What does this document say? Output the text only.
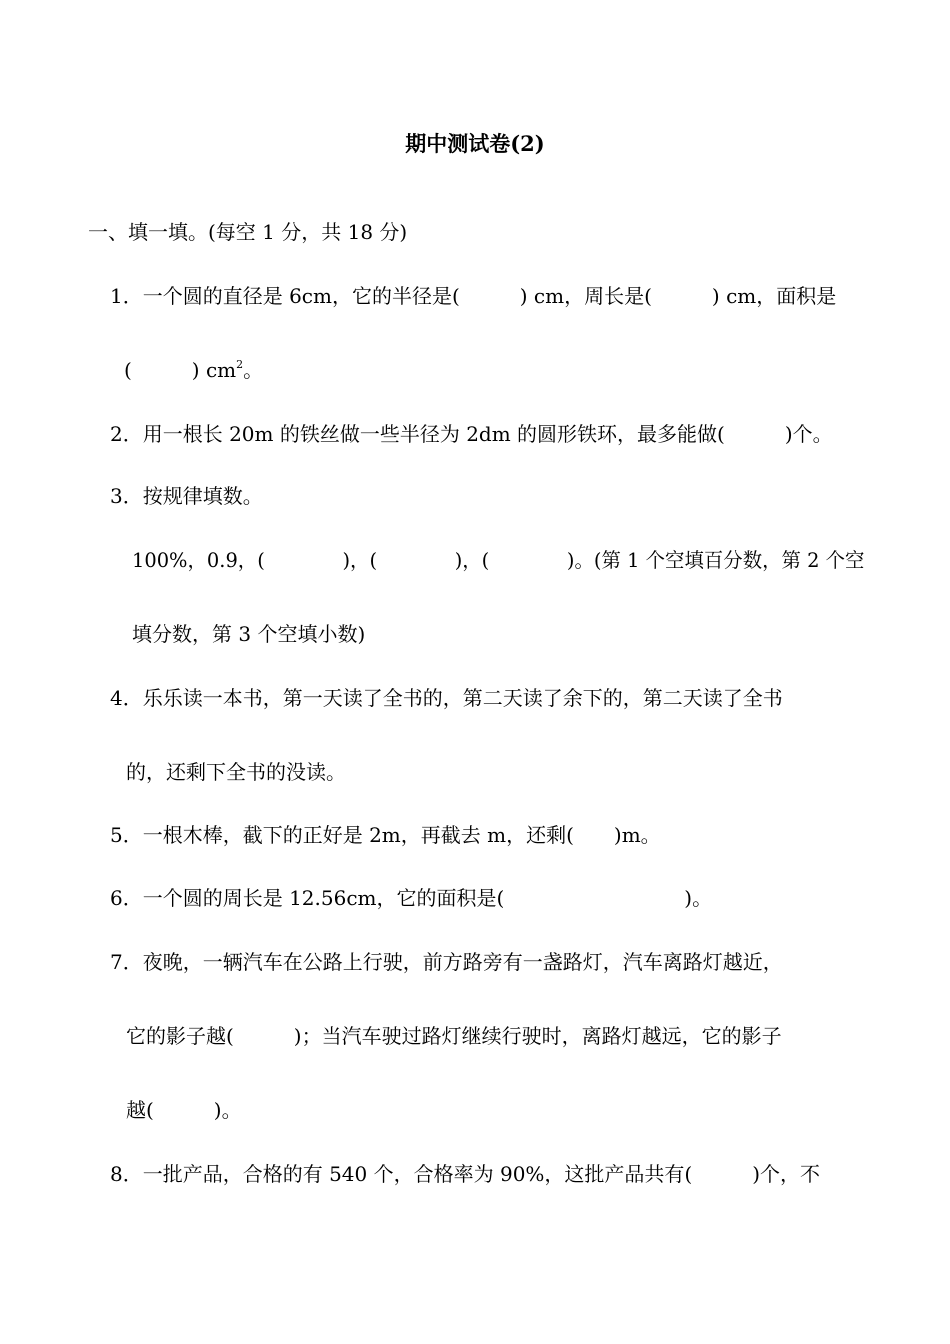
期中测试卷(2)
一、填一填。(每空 1 分，共 18 分)
1．一个圆的直径是 6cm，它的半径是(　　　) cm，周长是(　　　) cm，面积是
(　　　) $cm^2$。
2．用一根长 20m 的铁丝做一些半径为 2dm 的圆形铁环，最多能做(　　　)个。
3．按规律填数。
100%，0.9，(　　　　)，(　　　　)，(　　　　)。(第 1 个空填百分数，第 2 个空
填分数，第 3 个空填小数)
4．乐乐读一本书，第一天读了全书的，第二天读了余下的，第二天读了全书
的，还剩下全书的没读。
5．一根木棒，截下的正好是 2m，再截去 m，还剩(　　)m。
6．一个圆的周长是 12.56cm，它的面积是(　　　　　　　　　)。
7．夜晚，一辆汽车在公路上行驶，前方路旁有一盏路灯，汽车离路灯越近，
它的影子越(　　　)；当汽车驶过路灯继续行驶时，离路灯越远，它的影子
越(　　　)。
8．一批产品，合格的有 540 个，合格率为 90%，这批产品共有(　　　)个，不
